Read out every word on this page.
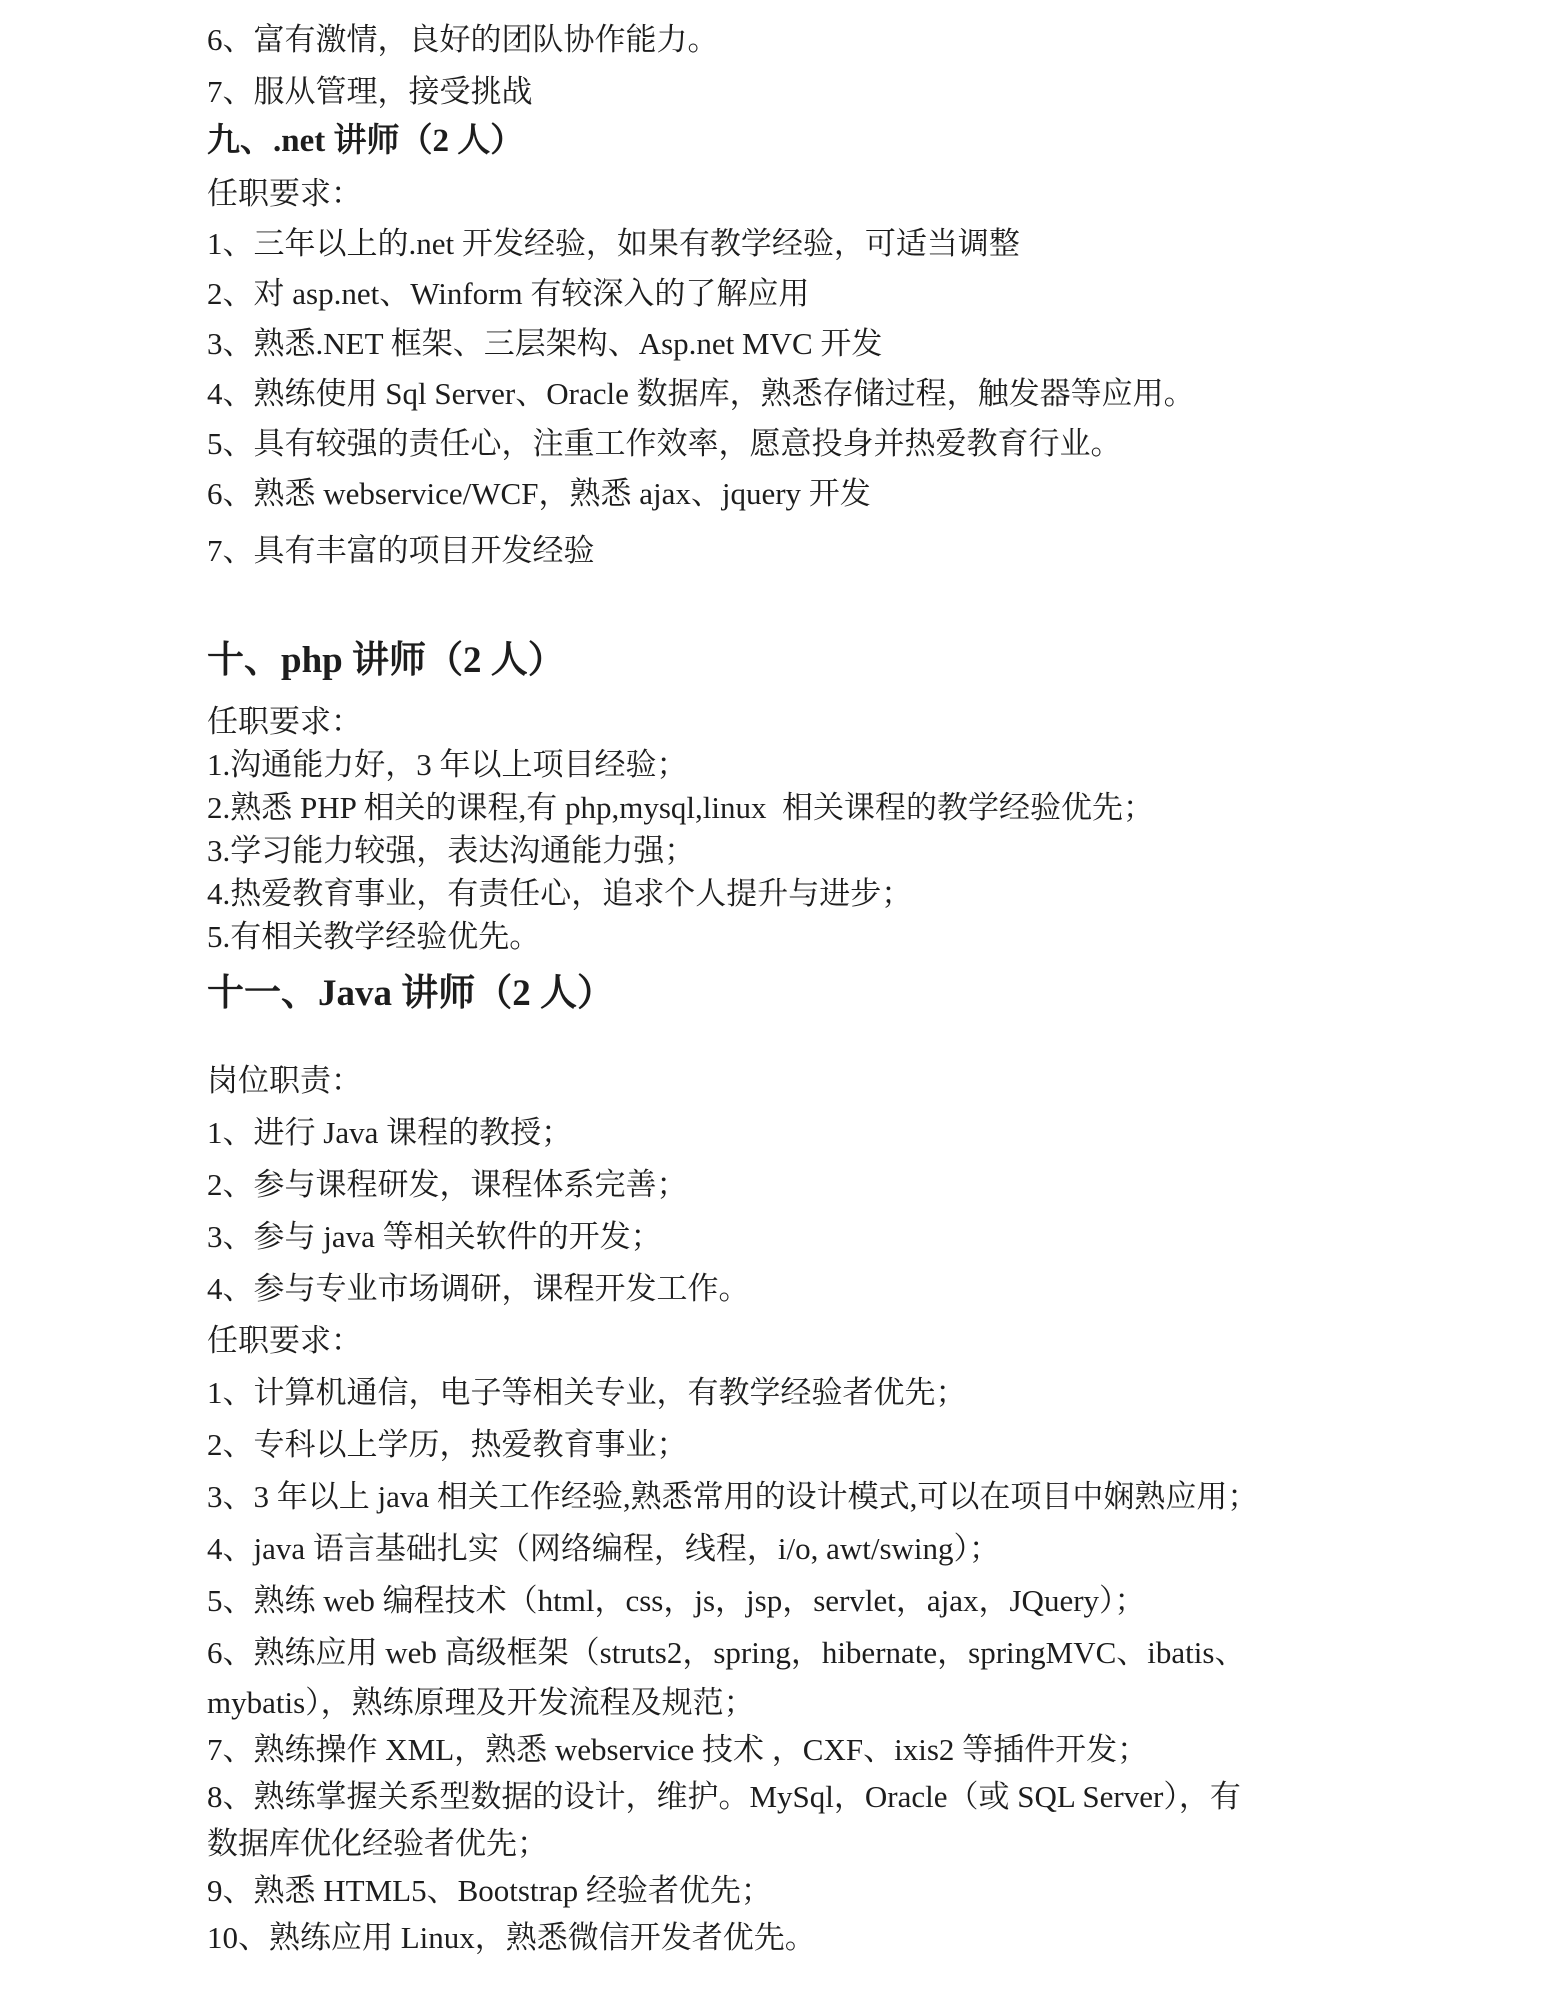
6、富有激情，良好的团队协作能力。
7、服从管理，接受挑战
九、.net 讲师（2 人）
任职要求：
1、三年以上的.net 开发经验，如果有教学经验，可适当调整
2、对 asp.net、Winform 有较深入的了解应用
3、熟悉.NET 框架、三层架构、Asp.net MVC 开发
4、熟练使用 Sql Server、Oracle 数据库，熟悉存储过程，触发器等应用。
5、具有较强的责任心，注重工作效率，愿意投身并热爱教育行业。
6、熟悉 webservice/WCF，熟悉 ajax、jquery 开发
7、具有丰富的项目开发经验
十、php 讲师（2 人）
任职要求：
1.沟通能力好，3 年以上项目经验；
2.熟悉 PHP 相关的课程,有 php,mysql,linux  相关课程的教学经验优先；
3.学习能力较强，表达沟通能力强；
4.热爱教育事业，有责任心，追求个人提升与进步；
5.有相关教学经验优先。
十一、Java 讲师（2 人）
岗位职责：
1、进行 Java 课程的教授；
2、参与课程研发，课程体系完善；
3、参与 java 等相关软件的开发；
4、参与专业市场调研，课程开发工作。
任职要求：
1、计算机通信，电子等相关专业，有教学经验者优先；
2、专科以上学历，热爱教育事业；
3、3 年以上 java 相关工作经验,熟悉常用的设计模式,可以在项目中娴熟应用；
4、java 语言基础扎实（网络编程，线程，i/o, awt/swing）；
5、熟练 web 编程技术（html，css，js，jsp，servlet，ajax，JQuery）；
6、熟练应用 web 高级框架（struts2，spring，hibernate，springMVC、ibatis、
mybatis），熟练原理及开发流程及规范；
7、熟练操作 XML，熟悉 webservice 技术 ，CXF、ixis2 等插件开发；
8、熟练掌握关系型数据的设计，维护。MySql，Oracle（或 SQL Server），有
数据库优化经验者优先；
9、熟悉 HTML5、Bootstrap 经验者优先；
10、熟练应用 Linux，熟悉微信开发者优先。
